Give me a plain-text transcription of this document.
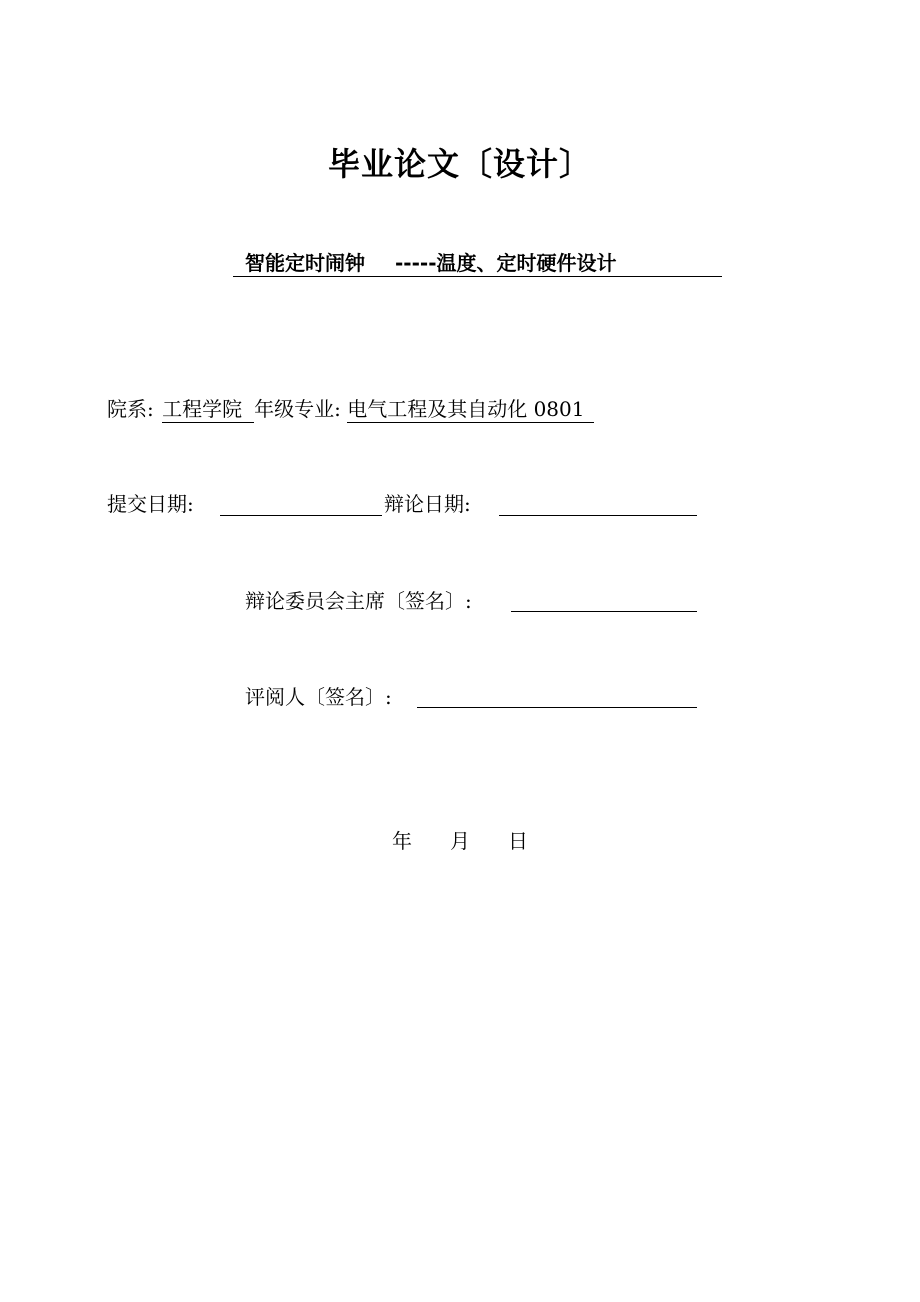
毕业论文〔设计〕
智能定时闹钟 -----温度、定时硬件设计
院系: 工程学院 年级专业: 电气工程及其自动化 0801
提交日期:	辩论日期:
辩论委员会主席〔签名〕:
评阅人〔签名〕:
年 月 日
